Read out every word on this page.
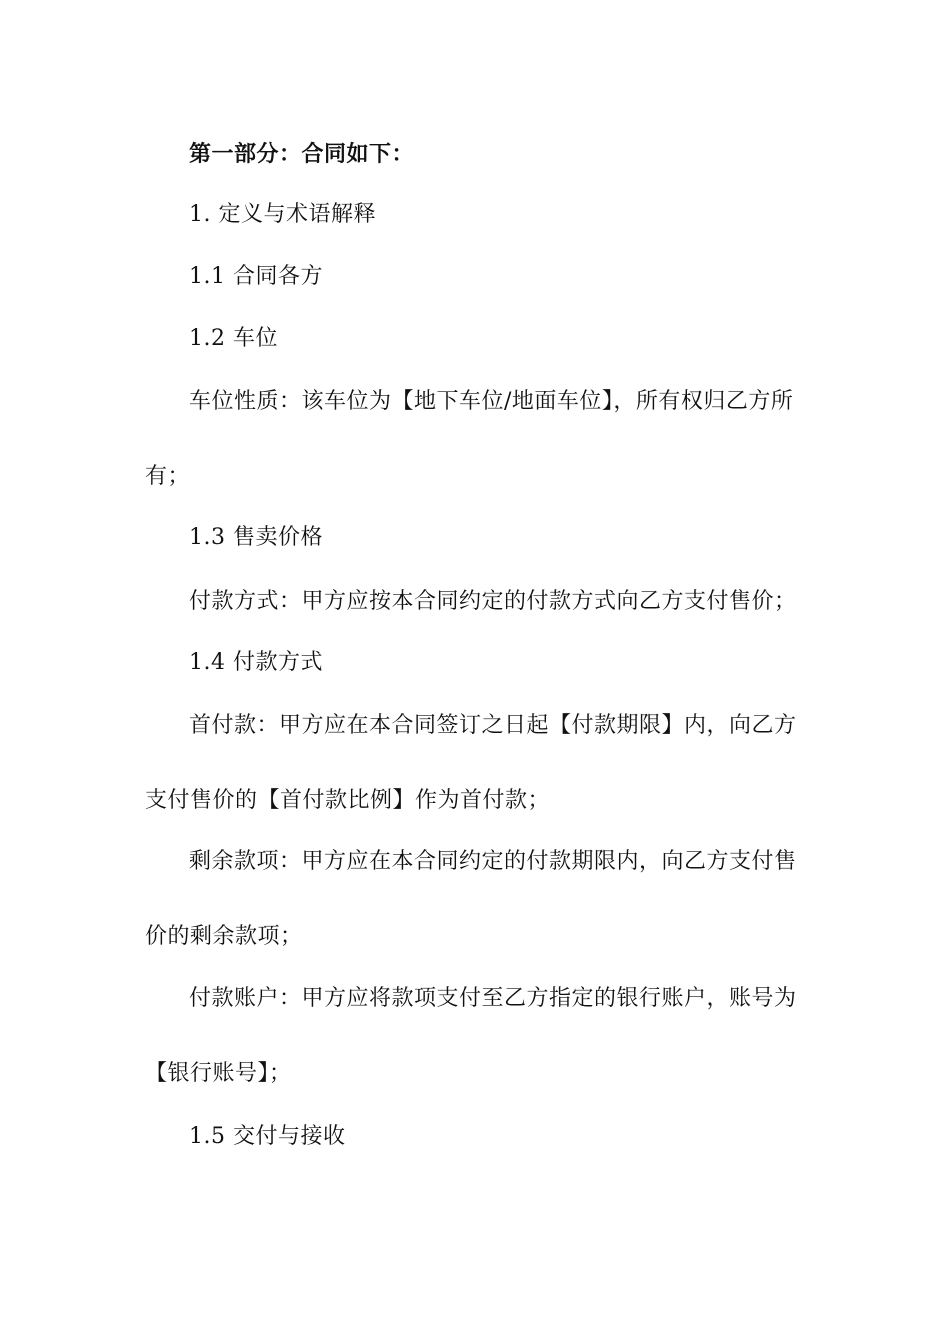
第一部分：合同如下：
1. 定义与术语解释
1.1 合同各方
1.2 车位
车位性质：该车位为【地下车位/地面车位】，所有权归乙方所
有；
1.3 售卖价格
付款方式：甲方应按本合同约定的付款方式向乙方支付售价；
1.4 付款方式
首付款：甲方应在本合同签订之日起【付款期限】内，向乙方
支付售价的【首付款比例】作为首付款；
剩余款项：甲方应在本合同约定的付款期限内，向乙方支付售
价的剩余款项；
付款账户：甲方应将款项支付至乙方指定的银行账户，账号为
【银行账号】；
1.5 交付与接收
